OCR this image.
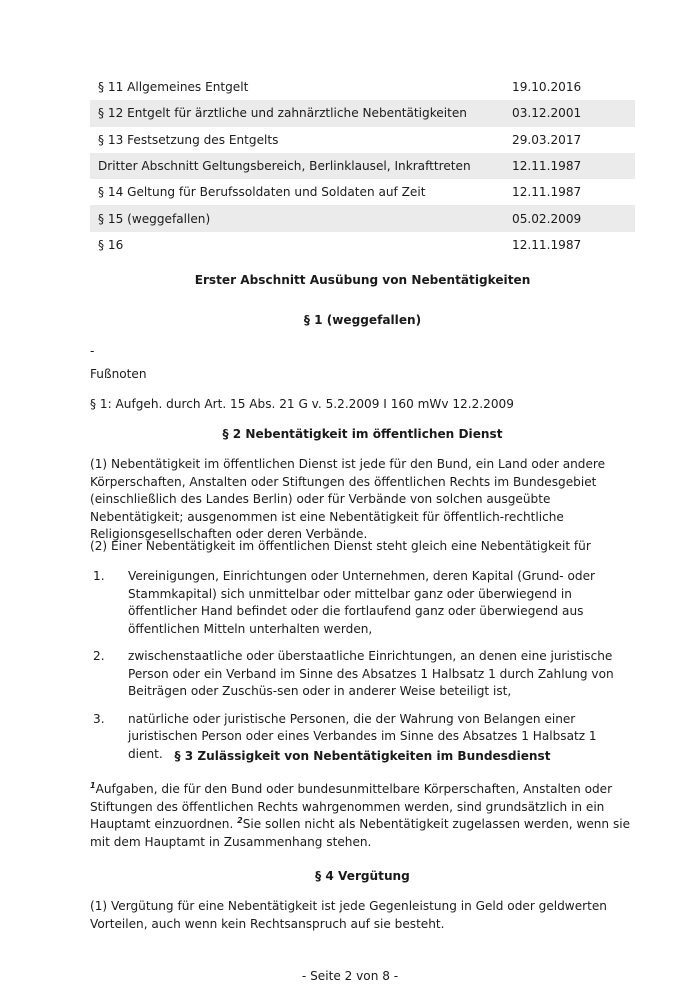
§ 11 Allgemeines Entgelt	19.10.2016
§ 12 Entgelt für ärztliche und zahnärztliche Nebentätigkeiten	03.12.2001
§ 13 Festsetzung des Entgelts	29.03.2017
Dritter Abschnitt Geltungsbereich, Berlinklausel, Inkrafttreten	12.11.1987
§ 14 Geltung für Berufssoldaten und Soldaten auf Zeit	12.11.1987
§ 15 (weggefallen)	05.02.2009
§ 16	12.11.1987
Erster Abschnitt Ausübung von Nebentätigkeiten
§ 1 (weggefallen)
-
Fußnoten
§ 1: Aufgeh. durch Art. 15 Abs. 21 G v. 5.2.2009 I 160 mWv 12.2.2009
§ 2 Nebentätigkeit im öffentlichen Dienst
(1) Nebentätigkeit im öffentlichen Dienst ist jede für den Bund, ein Land oder andere Körperschaften, Anstalten oder Stiftungen des öffentlichen Rechts im Bundesgebiet (einschließlich des Landes Berlin) oder für Verbände von solchen ausgeübte Nebentätigkeit; ausgenommen ist eine Nebentätigkeit für öffentlich-rechtliche Religionsgesellschaften oder deren Verbände.
(2) Einer Nebentätigkeit im öffentlichen Dienst steht gleich eine Nebentätigkeit für
1. Vereinigungen, Einrichtungen oder Unternehmen, deren Kapital (Grund- oder Stammkapital) sich unmittelbar oder mittelbar ganz oder überwiegend in öffentlicher Hand befindet oder die fortlaufend ganz oder überwiegend aus öffentlichen Mitteln unterhalten werden,
2. zwischenstaatliche oder überstaatliche Einrichtungen, an denen eine juristische Person oder ein Verband im Sinne des Absatzes 1 Halbsatz 1 durch Zahlung von Beiträgen oder Zuschüs-sen oder in anderer Weise beteiligt ist,
3. natürliche oder juristische Personen, die der Wahrung von Belangen einer juristischen Person oder eines Verbandes im Sinne des Absatzes 1 Halbsatz 1 dient. § 3 Zulässigkeit von Nebentätigkeiten im Bundesdienst
$^1$Aufgaben, die für den Bund oder bundesunmittelbare Körperschaften, Anstalten oder Stiftungen des öffentlichen Rechts wahrgenommen werden, sind grundsätzlich in ein Hauptamt einzuordnen. $^2$Sie sollen nicht als Nebentätigkeit zugelassen werden, wenn sie mit dem Hauptamt in Zusammenhang stehen.
§ 4 Vergütung
(1) Vergütung für eine Nebentätigkeit ist jede Gegenleistung in Geld oder geldwerten Vorteilen, auch wenn kein Rechtsanspruch auf sie besteht.
- Seite 2 von 8 -
